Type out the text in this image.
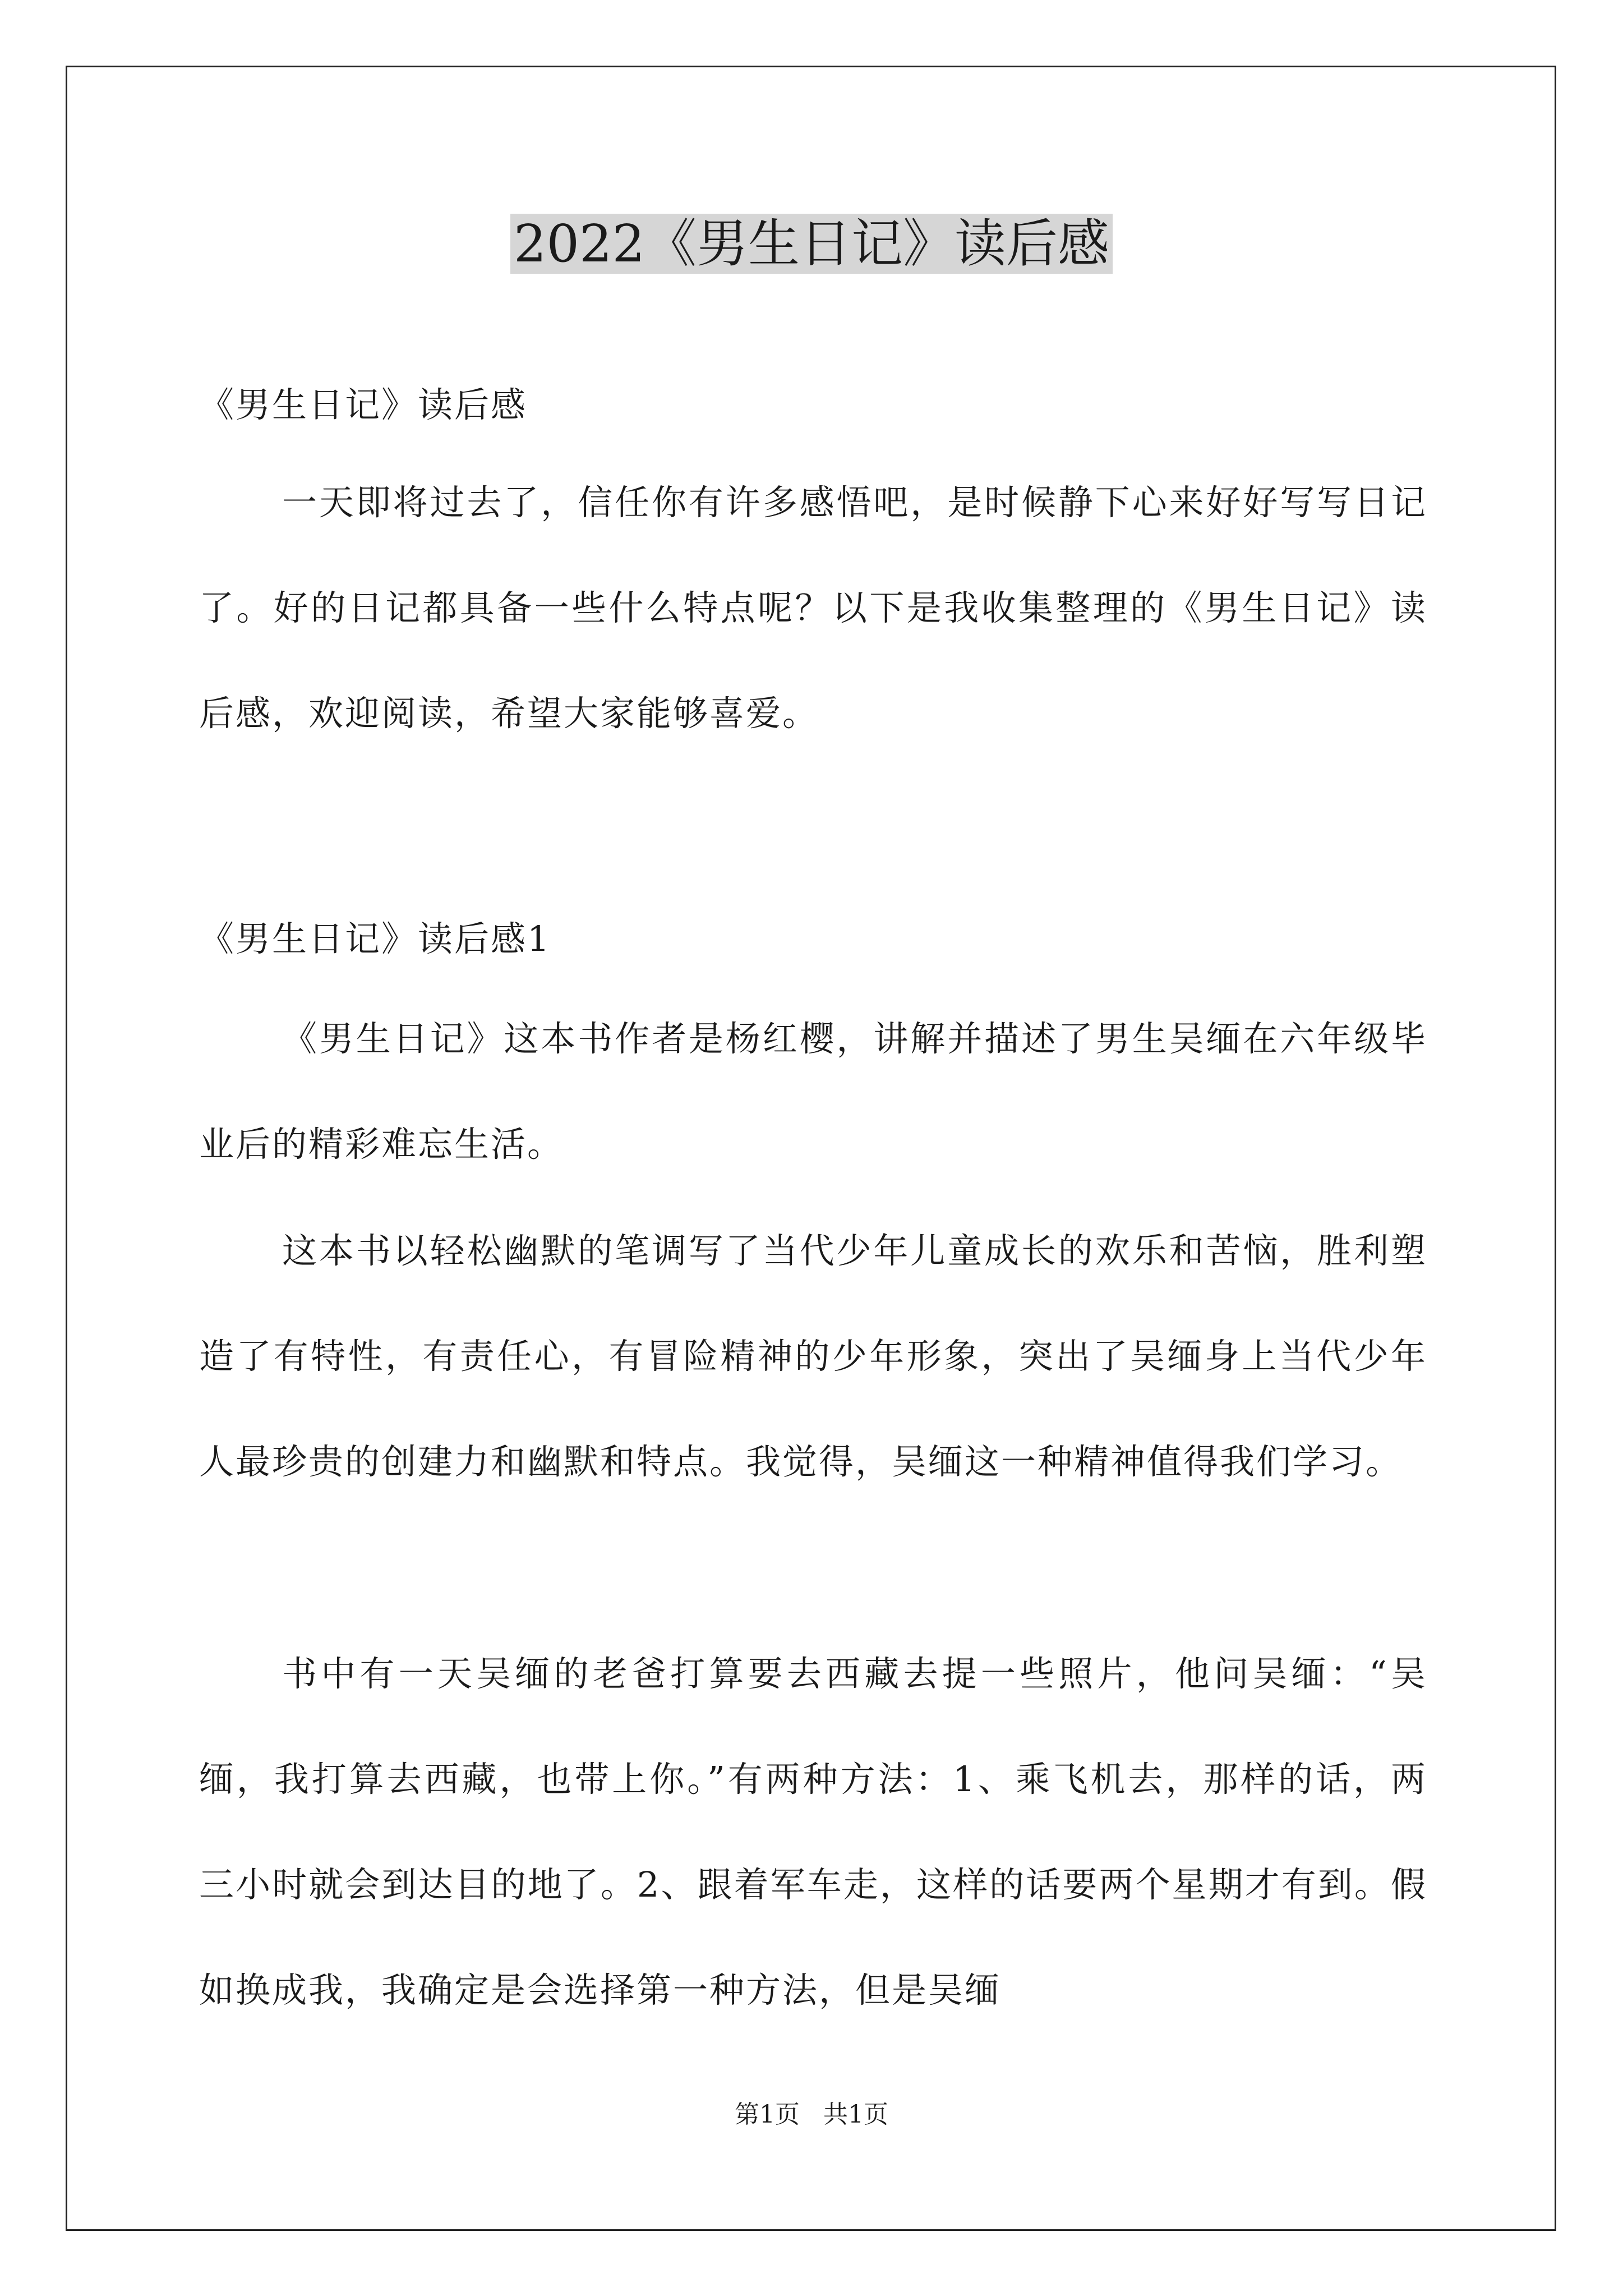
2022《男生日记》读后感

《男生日记》读后感

一天即将过去了，信任你有许多感悟吧，是时候静下心来好好写写日记了。好的日记都具备一些什么特点呢？以下是我收集整理的《男生日记》读后感，欢迎阅读，希望大家能够喜爱。

《男生日记》读后感1

《男生日记》这本书作者是杨红樱，讲解并描述了男生吴缅在六年级毕业后的精彩难忘生活。

这本书以轻松幽默的笔调写了当代少年儿童成长的欢乐和苦恼，胜利塑造了有特性，有责任心，有冒险精神的少年形象，突出了吴缅身上当代少年人最珍贵的创建力和幽默和特点。我觉得，吴缅这一种精神值得我们学习。

书中有一天吴缅的老爸打算要去西藏去提一些照片，他问吴缅：“吴缅，我打算去西藏，也带上你。”有两种方法：1、乘飞机去，那样的话，两三小时就会到达目的地了。2、跟着军车走，这样的话要两个星期才有到。假如换成我，我确定是会选择第一种方法，但是吴缅

第1页 共1页
